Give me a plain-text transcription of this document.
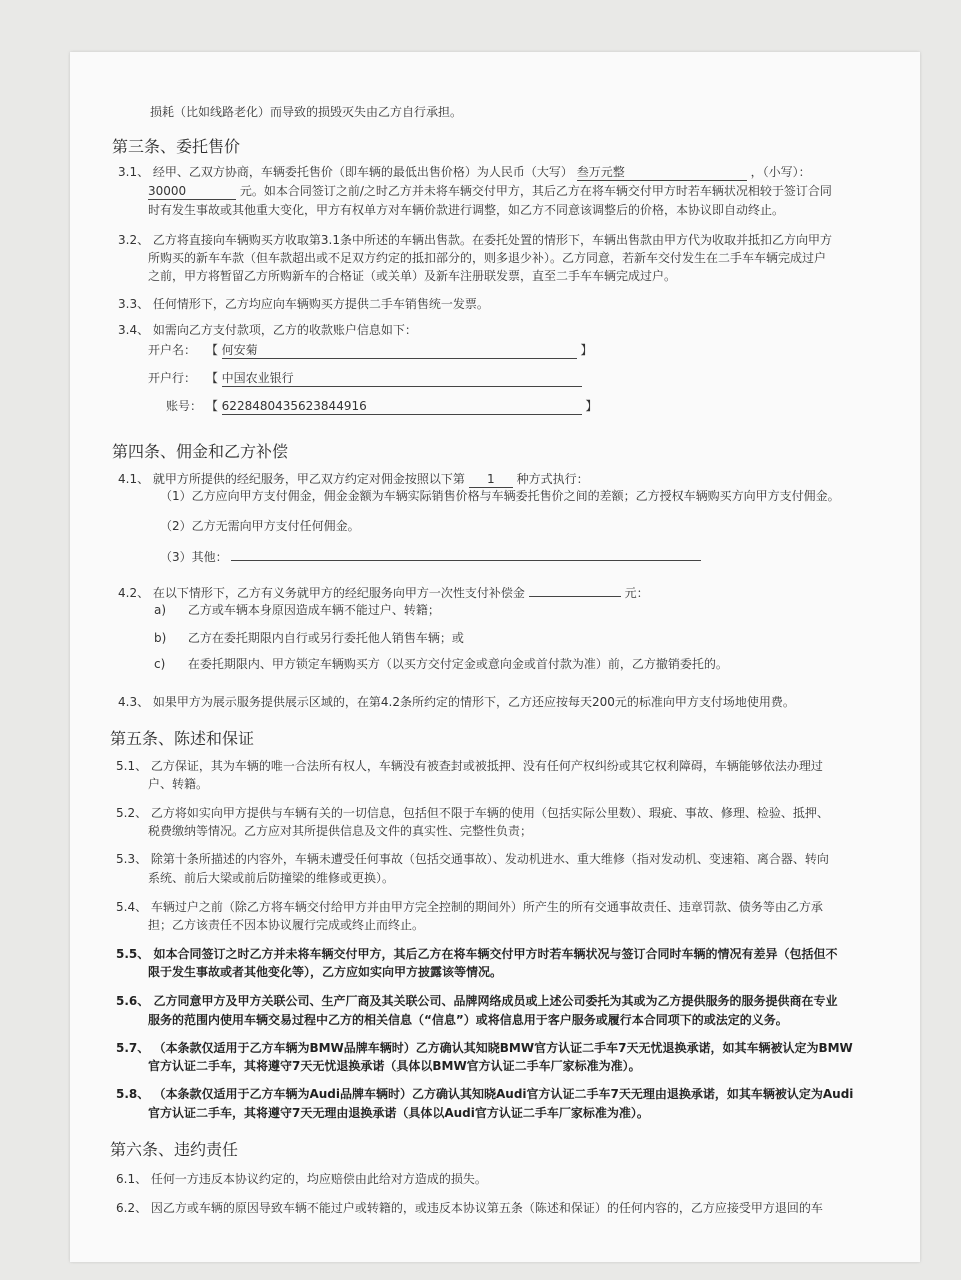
损耗（比如线路老化）而导致的损毁灭失由乙方自行承担。
第三条、委托售价
3.1、 经甲、乙双方协商，车辆委托售价（即车辆的最低出售价格）为人民币（大写） 叁万元整	，（小写）：
30000	元。如本合同签订之前/之时乙方并未将车辆交付甲方，其后乙方在将车辆交付甲方时若车辆状况相较于签订合同
时有发生事故或其他重大变化，甲方有权单方对车辆价款进行调整，如乙方不同意该调整后的价格，本协议即自动终止。
3.2、 乙方将直接向车辆购买方收取第3.1条中所述的车辆出售款。在委托处置的情形下，车辆出售款由甲方代为收取并抵扣乙方向甲方
所购买的新车车款（但车款超出或不足双方约定的抵扣部分的，则多退少补）。乙方同意，若新车交付发生在二手车车辆完成过户
之前，甲方将暂留乙方所购新车的合格证（或关单）及新车注册联发票，直至二手车车辆完成过户。
3.3、 任何情形下，乙方均应向车辆购买方提供二手车销售统一发票。
3.4、 如需向乙方支付款项，乙方的收款账户信息如下：
开户名： 【 何安菊	】
开户行： 【 中国农业银行
账号： 【 6228480435623844916	】
第四条、佣金和乙方补偿
4.1、 就甲方所提供的经纪服务，甲乙双方约定对佣金按照以下第 1 种方式执行：
（1）乙方应向甲方支付佣金，佣金金额为车辆实际销售价格与车辆委托售价之间的差额；乙方授权车辆购买方向甲方支付佣金。
（2）乙方无需向甲方支付任何佣金。
（3）其他：
4.2、 在以下情形下，乙方有义务就甲方的经纪服务向甲方一次性支付补偿金	元：
a) 乙方或车辆本身原因造成车辆不能过户、转籍；
b) 乙方在委托期限内自行或另行委托他人销售车辆；或
c) 在委托期限内、甲方锁定车辆购买方（以买方交付定金或意向金或首付款为准）前，乙方撤销委托的。
4.3、 如果甲方为展示服务提供展示区域的，在第4.2条所约定的情形下，乙方还应按每天200元的标准向甲方支付场地使用费。
第五条、陈述和保证
5.1、 乙方保证，其为车辆的唯一合法所有权人，车辆没有被查封或被抵押、没有任何产权纠纷或其它权利障碍，车辆能够依法办理过
户、转籍。
5.2、 乙方将如实向甲方提供与车辆有关的一切信息，包括但不限于车辆的使用（包括实际公里数）、瑕疵、事故、修理、检验、抵押、
税费缴纳等情况。乙方应对其所提供信息及文件的真实性、完整性负责；
5.3、 除第十条所描述的内容外，车辆未遭受任何事故（包括交通事故）、发动机进水、重大维修（指对发动机、变速箱、离合器、转向
系统、前后大梁或前后防撞梁的维修或更换）。
5.4、 车辆过户之前（除乙方将车辆交付给甲方并由甲方完全控制的期间外）所产生的所有交通事故责任、违章罚款、债务等由乙方承
担；乙方该责任不因本协议履行完成或终止而终止。
5.5、 如本合同签订之时乙方并未将车辆交付甲方，其后乙方在将车辆交付甲方时若车辆状况与签订合同时车辆的情况有差异（包括但不
限于发生事故或者其他变化等），乙方应如实向甲方披露该等情况。
5.6、 乙方同意甲方及甲方关联公司、生产厂商及其关联公司、品牌网络成员或上述公司委托为其或为乙方提供服务的服务提供商在专业
服务的范围内使用车辆交易过程中乙方的相关信息（“信息”）或将信息用于客户服务或履行本合同项下的或法定的义务。
5.7、 （本条款仅适用于乙方车辆为BMW品牌车辆时）乙方确认其知晓BMW官方认证二手车7天无忧退换承诺，如其车辆被认定为BMW
官方认证二手车，其将遵守7天无忧退换承诺（具体以BMW官方认证二手车厂家标准为准）。
5.8、 （本条款仅适用于乙方车辆为Audi品牌车辆时）乙方确认其知晓Audi官方认证二手车7天无理由退换承诺，如其车辆被认定为Audi
官方认证二手车，其将遵守7天无理由退换承诺（具体以Audi官方认证二手车厂家标准为准）。
第六条、违约责任
6.1、 任何一方违反本协议约定的，均应赔偿由此给对方造成的损失。
6.2、 因乙方或车辆的原因导致车辆不能过户或转籍的，或违反本协议第五条（陈述和保证）的任何内容的，乙方应接受甲方退回的车
